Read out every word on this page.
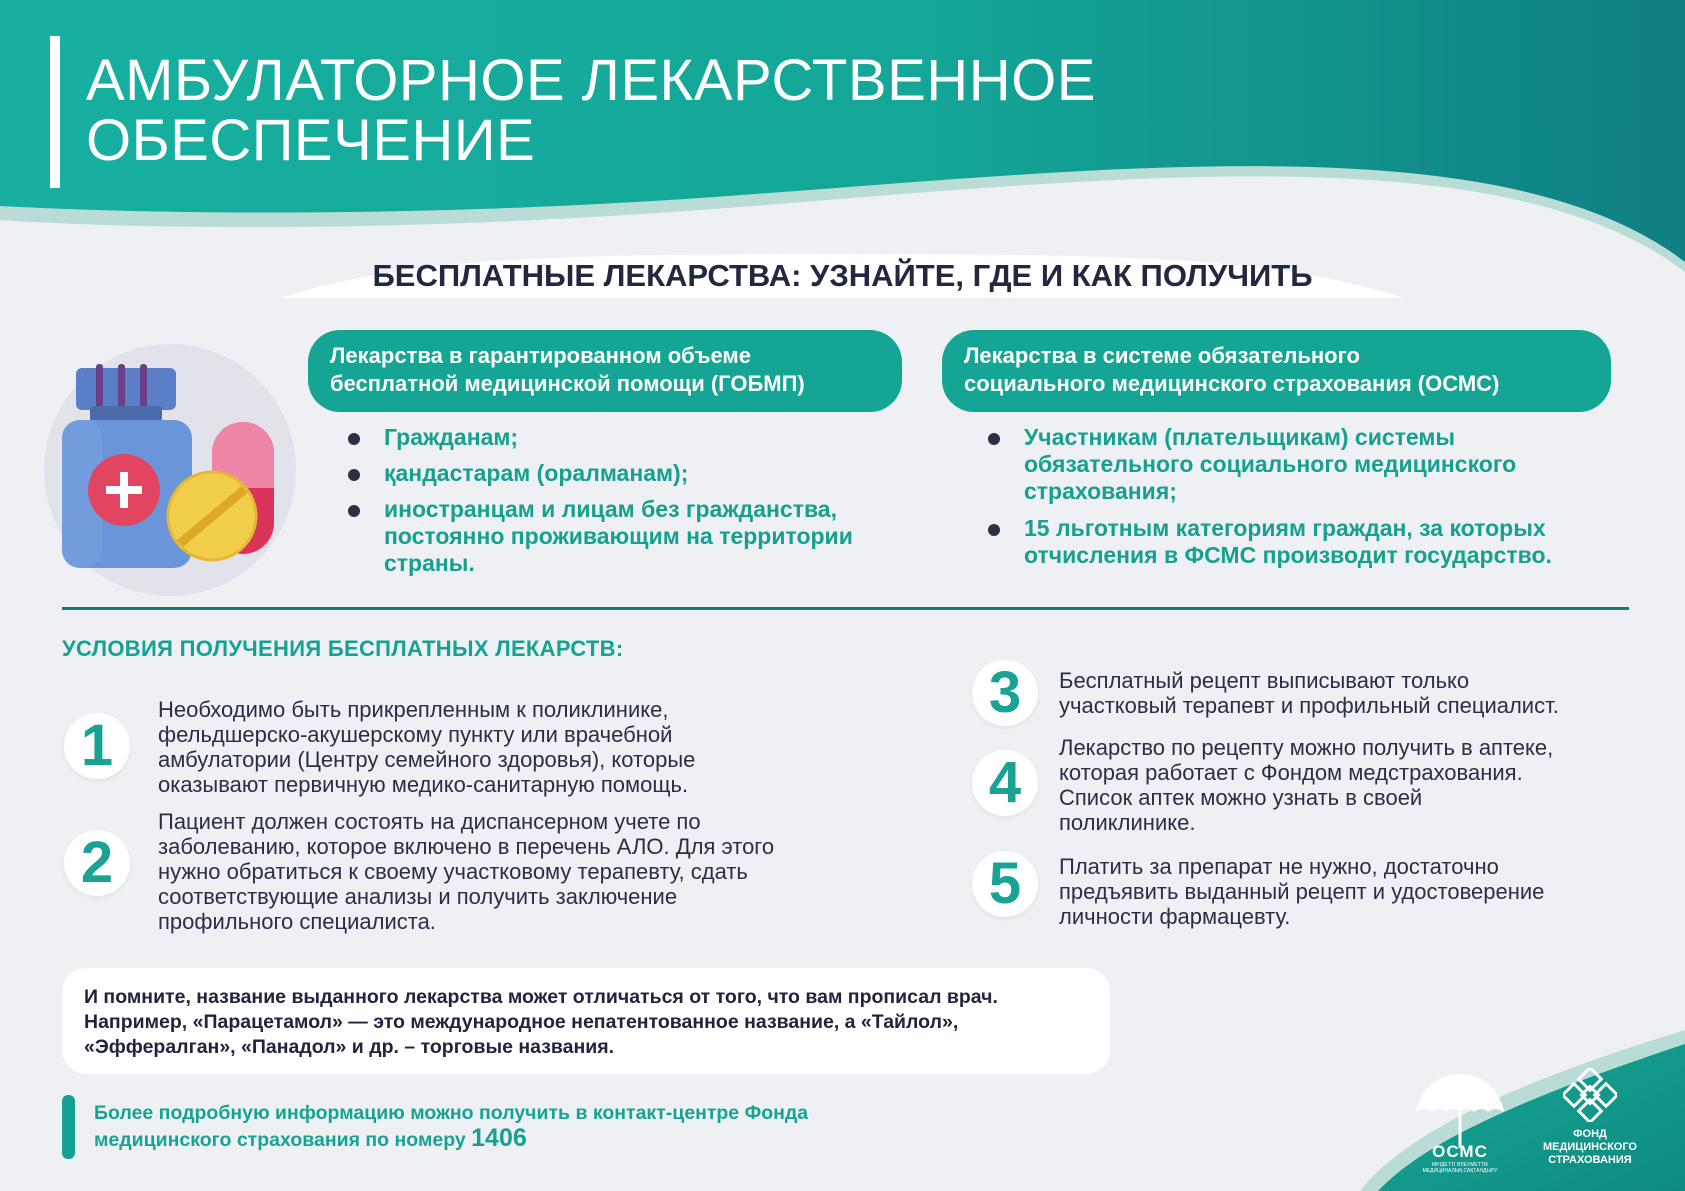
АМБУЛАТОРНОЕ ЛЕКАРСТВЕННОЕ
ОБЕСПЕЧЕНИЕ
БЕСПЛАТНЫЕ ЛЕКАРСТВА: УЗНАЙТЕ, ГДЕ И КАК ПОЛУЧИТЬ
Лекарства в гарантированном объеме
бесплатной медицинской помощи (ГОБМП)
Гражданам;
қандастарам (оралманам);
иностранцам и лицам без гражданства,
постоянно проживающим на территории
страны.
Лекарства в системе обязательного
социального медицинского страхования (ОСМС)
Участникам (плательщикам) системы
обязательного социального медицинского
страхования;
15 льготным категориям граждан, за которых
отчисления в ФСМС производит государство.
УСЛОВИЯ ПОЛУЧЕНИЯ БЕСПЛАТНЫХ ЛЕКАРСТВ:
1
Необходимо быть прикрепленным к поликлинике,
фельдшерско-акушерскому пункту или врачебной
амбулатории (Центру семейного здоровья), которые
оказывают первичную медико-санитарную помощь.
2
Пациент должен состоять на диспансерном учете по
заболеванию, которое включено в перечень АЛО. Для этого
нужно обратиться к своему участковому терапевту, сдать
соответствующие анализы и получить заключение
профильного специалиста.
3	Бесплатный рецепт выписывают только
участковый терапевт и профильный специалист.
4
Лекарство по рецепту можно получить в аптеке,
которая работает с Фондом медстрахования.
Список аптек можно узнать в своей
поликлинике.
5	Платить за препарат не нужно, достаточно
предъявить выданный рецепт и удостоверение
личности фармацевту.
И помните, название выданного лекарства может отличаться от того, что вам прописал врач.
Например, «Парацетамол» — это международное непатентованное название, а «Тайлол»,
«Эффералган», «Панадол» и др. – торговые названия.
Более подробную информацию можно получить в контакт-центре Фонда
медицинского страхования по номеру 1406	ОСМС
МІНДЕТТІ ӘЛЕУМЕТТІК
МЕДИЦИНАЛЫҚ САҚТАНДЫРУ
ФОНД
МЕДИЦИНСКОГО
СТРАХОВАНИЯ
